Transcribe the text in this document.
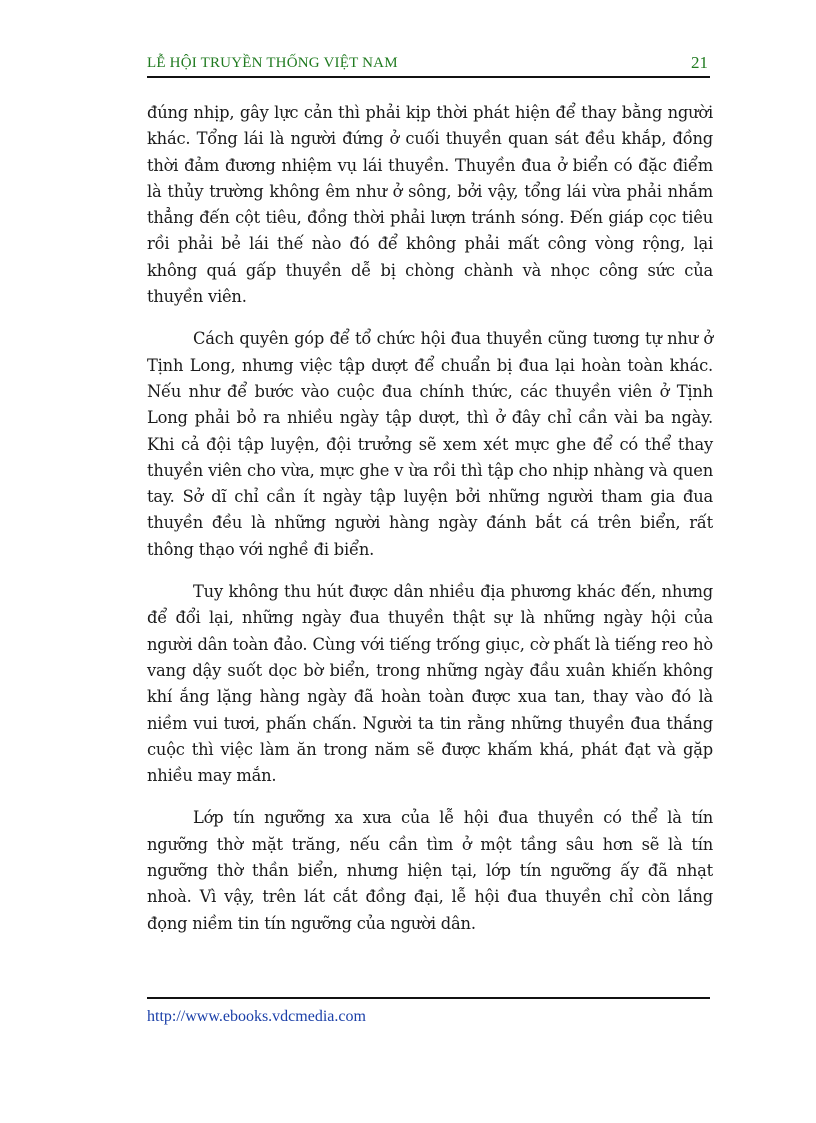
LỄ HỘI TRUYỀN THỐNG VIỆT NAM	21

đúng nhịp, gây lực cản thì phải kịp thời phát hiện để thay bằng người khác. Tổng lái là người đứng ở cuối thuyền quan sát đều khắp, đồng thời đảm đương nhiệm vụ lái thuyền. Thuyền đua ở biển có đặc điểm là thủy trường không êm như ở sông, bởi vậy, tổng lái vừa phải nhắm thẳng đến cột tiêu, đồng thời phải lượn tránh sóng. Đến giáp cọc tiêu rồi phải bẻ lái thế nào đó để không phải mất công vòng rộng, lại không quá gấp thuyền dễ bị chòng chành và nhọc công sức của thuyền viên.

Cách quyên góp để tổ chức hội đua thuyền cũng tương tự như ở Tịnh Long, nhưng việc tập dượt để chuẩn bị đua lại hoàn toàn khác. Nếu như để bước vào cuộc đua chính thức, các thuyền viên ở Tịnh Long phải bỏ ra nhiều ngày tập dượt, thì ở đây chỉ cần vài ba ngày. Khi cả đội tập luyện, đội trưởng sẽ xem xét mực ghe để có thể thay thuyền viên cho vừa, mực ghe v ừa rồi thì tập cho nhịp nhàng và quen tay. Sở dĩ chỉ cần ít ngày tập luyện bởi những người tham gia đua thuyền đều là những người hàng ngày đánh bắt cá trên biển, rất thông thạo với nghề đi biển.

Tuy không thu hút được dân nhiều địa phương khác đến, nhưng để đổi lại, những ngày đua thuyền thật sự là những ngày hội của người dân toàn đảo. Cùng với tiếng trống giục, cờ phất là tiếng reo hò vang dậy suốt dọc bờ biển, trong những ngày đầu xuân khiến không khí ắng lặng hàng ngày đã hoàn toàn được xua tan, thay vào đó là niềm vui tươi, phấn chấn. Người ta tin rằng những thuyền đua thắng cuộc thì việc làm ăn trong năm sẽ được khấm khá, phát đạt và gặp nhiều may mắn.

Lớp tín ngưỡng xa xưa của lễ hội đua thuyền có thể là tín ngưỡng thờ mặt trăng, nếu cần tìm ở một tầng sâu hơn sẽ là tín ngưỡng thờ thần biển, nhưng hiện tại, lớp tín ngưỡng ấy đã nhạt nhoà. Vì vậy, trên lát cắt đồng đại, lễ hội đua thuyền chỉ còn lắng đọng niềm tin tín ngưỡng của người dân.

http://www.ebooks.vdcmedia.com
